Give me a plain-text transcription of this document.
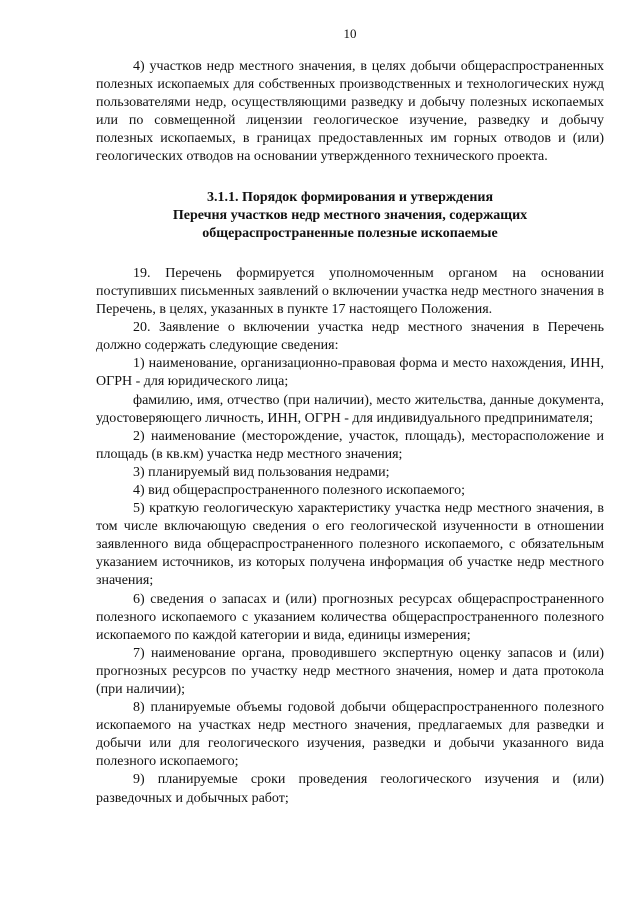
10

4) участков недр местного значения, в целях добычи общераспространенных полезных ископаемых для собственных производственных и технологических нужд пользователями недр, осуществляющими разведку и добычу полезных ископаемых или по совмещенной лицензии геологическое изучение, разведку и добычу полезных ископаемых, в границах предоставленных им горных отводов и (или) геологических отводов на основании утвержденного технического проекта.

3.1.1. Порядок формирования и утверждения
Перечня участков недр местного значения, содержащих
общераспространенные полезные ископаемые

19. Перечень формируется уполномоченным органом на основании поступивших письменных заявлений о включении участка недр местного значения в Перечень, в целях, указанных в пункте 17 настоящего Положения.

20. Заявление о включении участка недр местного значения в Перечень должно содержать следующие сведения:

1) наименование, организационно-правовая форма и место нахождения, ИНН, ОГРН - для юридического лица;

фамилию, имя, отчество (при наличии), место жительства, данные документа, удостоверяющего личность, ИНН, ОГРН - для индивидуального предпринимателя;

2) наименование (месторождение, участок, площадь), месторасположение и площадь (в кв.км) участка недр местного значения;

3) планируемый вид пользования недрами;

4) вид общераспространенного полезного ископаемого;

5) краткую геологическую характеристику участка недр местного значения, в том числе включающую сведения о его геологической изученности в отношении заявленного вида общераспространенного полезного ископаемого, с обязательным указанием источников, из которых получена информация об участке недр местного значения;

6) сведения о запасах и (или) прогнозных ресурсах общераспространенного полезного ископаемого с указанием количества общераспространенного полезного ископаемого по каждой категории и вида, единицы измерения;

7) наименование органа, проводившего экспертную оценку запасов и (или) прогнозных ресурсов по участку недр местного значения, номер и дата протокола (при наличии);

8) планируемые объемы годовой добычи общераспространенного полезного ископаемого на участках недр местного значения, предлагаемых для разведки и добычи или для геологического изучения, разведки и добычи указанного вида полезного ископаемого;

9) планируемые сроки проведения геологического изучения и (или) разведочных и добычных работ;
